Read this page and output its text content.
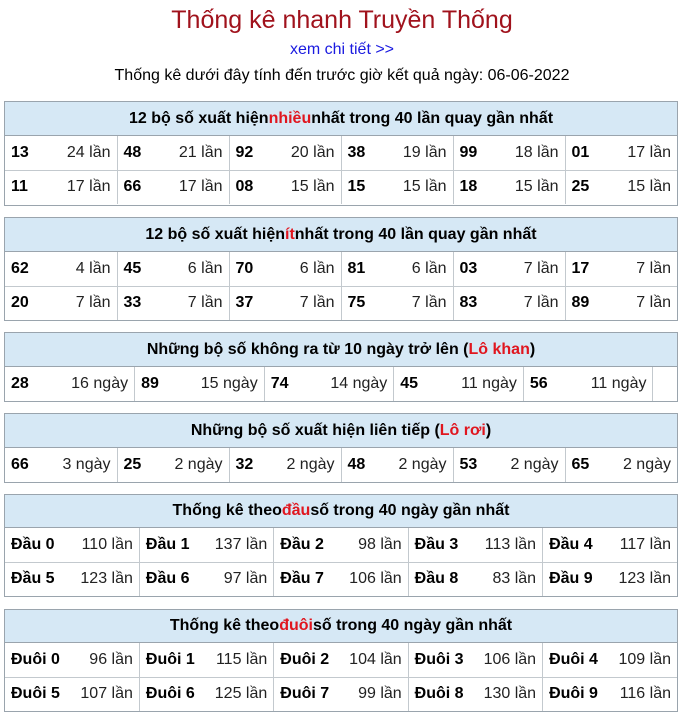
Thống kê nhanh Truyền Thống
xem chi tiết >>
Thống kê dưới đây tính đến trước giờ kết quả ngày: 06-06-2022
12 bộ số xuất hiện nhiều nhất trong 40 lần quay gần nhất
13 24 lần	48 21 lần	92 20 lần	38 19 lần	99 18 lần	01 17 lần

11 17 lần	66 17 lần	08 15 lần	15 15 lần	18 15 lần	25 15 lần
12 bộ số xuất hiện ít nhất trong 40 lần quay gần nhất
62 4 lần	45 6 lần	70 6 lần	81 6 lần	03 7 lần	17 7 lần

20 7 lần	33 7 lần	37 7 lần	75 7 lần	83 7 lần	89 7 lần
Những bộ số không ra từ 10 ngày trở lên ( Lô khan )
28	16 ngày	89	15 ngày	74	14 ngày	45	11 ngày	56	11 ngày

Những bộ số xuất hiện liên tiếp ( Lô rơi )
66 3 ngày	25 2 ngày	32 2 ngày	48 2 ngày	53 2 ngày	65 2 ngày
Thống kê theo đầu số trong 40 ngày gần nhất
Đầu 0 110 lần	Đầu 1 137 lần	Đầu 2 98 lần	Đầu 3 113 lần	Đầu 4 117 lần

Đầu 5 123 lần	Đầu 6 97 lần	Đầu 7 106 lần	Đầu 8 83 lần	Đầu 9 123 lần
Thống kê theo đuôi số trong 40 ngày gần nhất
Đuôi 0 96 lần	Đuôi 1 115 lần	Đuôi 2 104 lần	Đuôi 3 106 lần	Đuôi 4 109 lần

Đuôi 5 107 lần	Đuôi 6 125 lần	Đuôi 7 99 lần	Đuôi 8 130 lần	Đuôi 9 116 lần
